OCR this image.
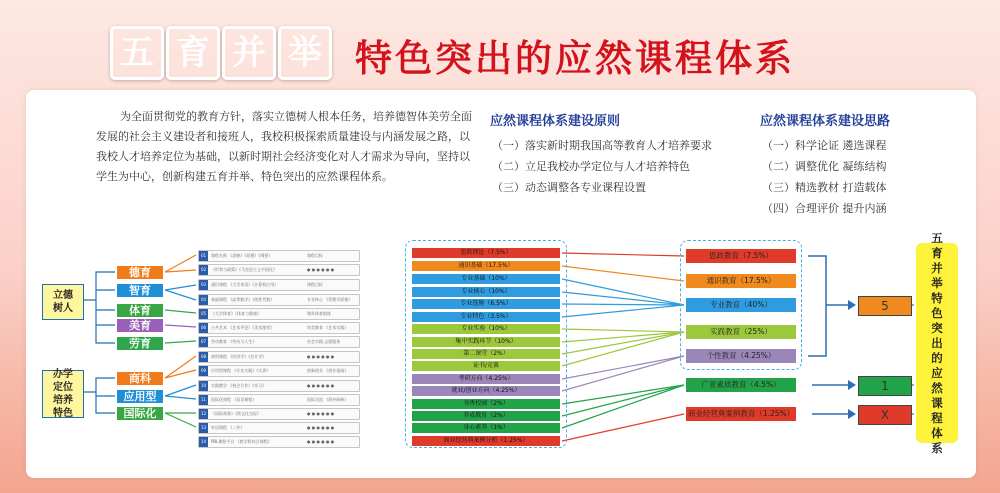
五 育 并 举 特色突出的应然课程体系
为全面贯彻党的教育方针，落实立德树人根本任务，培养德智体美劳全面发展的社会主义建设者和接班人，我校积极探索质量建设与内涵发展之路，以我校人才培养定位为基础，以新时期社会经济变化对人才需求为导向，坚持以学生为中心，创新构建五育并举、特色突出的应然课程体系。
应然课程体系建设原则
（一）落实新时期我国高等教育人才培养要求
（二）立足我校办学定位与人才培养特色
（三）动态调整各专业课程设置
应然课程体系建设思路
（一）科学论证 遴选课程
（二）调整优化 凝练结构
（三）精选教材 打造载体
（四）合理评价 提升内涵
立德树人
办学定位培养特色
德育
智育
体育
美育
劳育
商科
应用型
国际化
01 课程名称 《思修》《原理》《纲要》	课程目标
02 《形势与政策》《马克思主义中国化》	● ● ● ● ● ●
03 通识课程 《大学英语》《计算机应用》	课程目标
04 基础课程 《高等数学》《线性代数》	专业核心 《管理学原理》
05 《大学体育》《体育与健康》	课外体育锻炼
06 公共艺术 《艺术导论》《美术鉴赏》	审美教育 《艺术实践》
07 劳动教育 《劳动与人生》	社会实践 志愿服务
08 商科课程 《经济学》《会计学》	● ● ● ● ● ●
09 应用型课程 《专业实践》《实训》	创新创业 《创业基础》
10 实践教学 《校企合作》《实习》	● ● ● ● ● ●
11 国际化课程 《双语课程》	国际交流 《海外研修》
12 《国际商务》《跨文化交际》	● ● ● ● ● ●
13 外语课程 《二外》	● ● ● ● ● ●
14 PBL课程平台 《跨学科综合课程》	● ● ● ● ● ●
思政理论（7.5%）
通识基础（17.5%）
专业基础（10%）
专业核心（10%）
专业选修（6.5%）
专业特色（3.5%）
专业实验（10%）
集中实践环节（10%）
第二课堂（2%）
证书/竞赛
考研方向（4.25%）
就业/创业方向（4.25%）
书香校园（2%）
养成教育（2%）
身心素养（1%）
商业经营典案例分析（1.25%）
思政教育（7.5%）
通识教育（17.5%）
专业教育（40%）
实践教育（25%）
个性教育（4.25%）
广亚素质教育（4.5%）
商业经营典案例教育（1.25%）
5
1
X
五育并举特色突出的应然课程体系
